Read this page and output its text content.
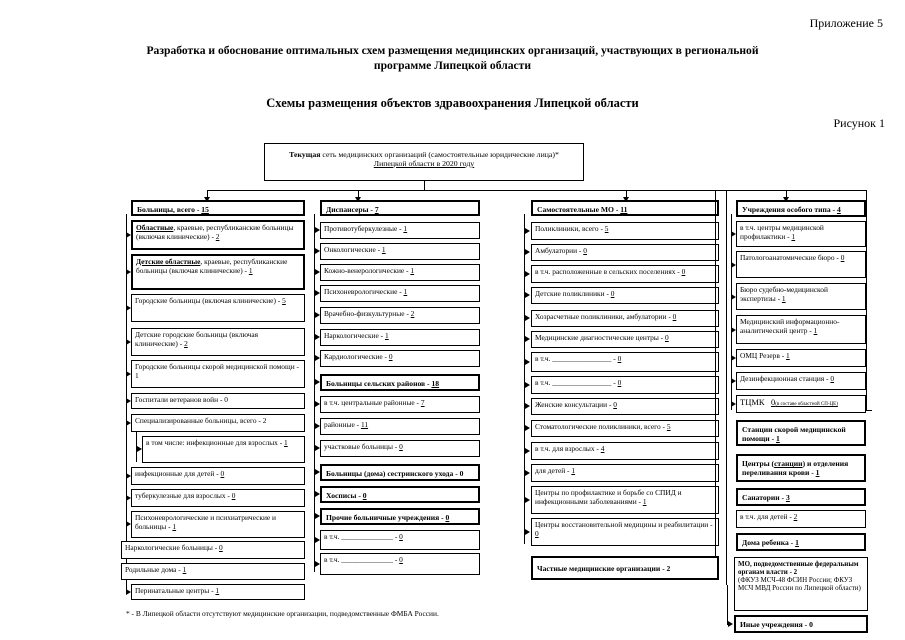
Приложение 5
Разработка и обоснование оптимальных схем размещения медицинских организаций, участвующих в региональной
программе Липецкой области
Схемы размещения объектов здравоохранения Липецкой области
Рисунок 1
Текущая сеть медицинских организаций (самостоятельные юридические лица)*
Липецкой области в 2020 году
Больницы, всего - 15
Областные, краевые, республиканские больницы (включая клинические) - 2
Детские областные, краевые, республиканские больницы (включая клинические) - 1
Городские больницы (включая клинические) - 5
Детские городские больницы (включая клинические) - 2
Городские больницы скорой медицинской помощи - 1
Госпитали ветеранов войн - 0
Специализированные больницы, всего - 2
в том числе: инфекционные для взрослых - 1
инфекционные для детей - 0
туберкулезные для взрослых - 0
Психоневрологические и психиатрические и больницы - 1
Наркологические больницы - 0
Родильные дома - 1
Перинатальные центры - 1
Диспансеры - 7
Противотуберкулезные - 1
Онкологические - 1
Кожно-венерологические - 1
Психоневрологические - 1
Врачебно-физкультурные - 2
Наркологические - 1
Кардиологические - 0
Больницы сельских районов - 18
в т.ч. центральные районные - 7
районные - 11
участковые больницы - 0
Больницы (дома) сестринского ухода - 0
Хосписы - 0
Прочие больничные учреждения - 0
в т.ч. ______________ - 0
в т.ч. ______________ - 0
Самостоятельные МО - 11
Поликлиники, всего - 5
Амбулатории - 0
в т.ч. расположенные в сельских поселениях - 0
Детские поликлиники - 0
Хозрасчетные поликлиники, амбулатории - 0
Медицинские диагностические центры - 0
в т.ч. ________________ - 0
в т.ч. ________________ - 0
Женские консультации - 0
Стоматологические поликлиники, всего - 5
в т.ч. для взрослых - 4
для детей - 1
Центры по профилактике и борьбе со СПИД и инфекционными заболеваниями - 1
Центры восстановительной медицины и реабилитации - 0
Частные медицинские организации - 2
Учреждения особого типа - 4
в т.ч. центры медицинской профилактики - 1
Патологоанатомические бюро - 0
Бюро судебно-медицинской экспертизы - 1
Медицинский информационно-аналитический центр - 1
ОМЦ Резерв - 1
Дезинфекционная станция - 0
ТЦМК 0(в составе областной СП-ЦЕ)
Станции скорой медицинской помощи - 1
Центры (станции) и отделения переливания крови - 1
Санатории - 3
в т.ч. для детей - 2
Дома ребенка - 1
МО, подведомственные федеральным органам власти - 2
(ФКУЗ МСЧ-48 ФСИН России; ФКУЗ МСЧ МВД России по Липецкой области)
Иные учреждения - 0
* - В Липецкой области отсутствуют медицинские организации, подведомственные ФМБА России.
